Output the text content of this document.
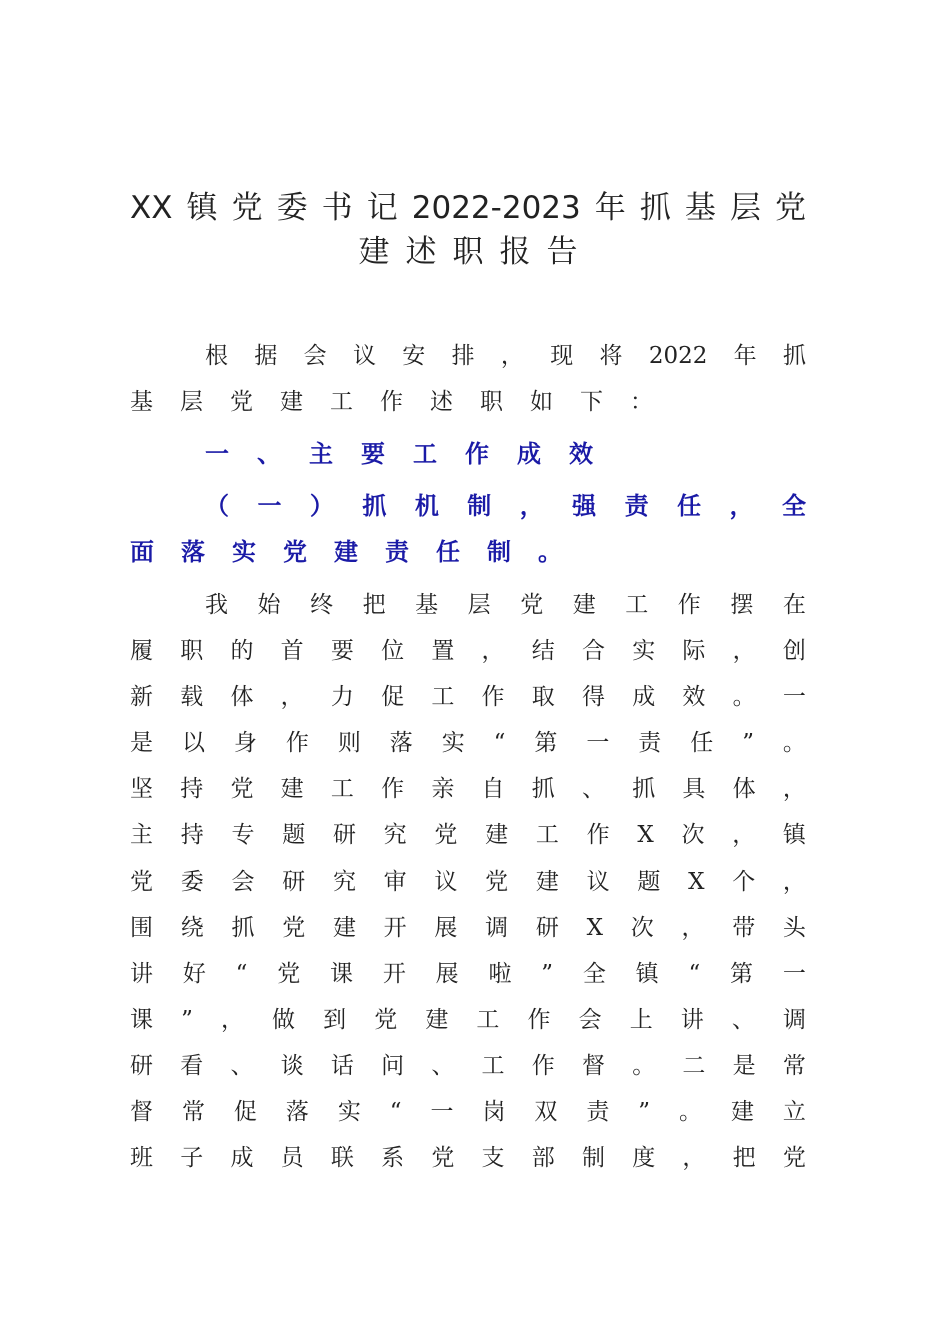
XX 镇 党 委 书 记 2022-2023 年 抓 基 层 党
建 述 职 报 告
根 据 会 议 安 排 ， 现 将 2022 年 抓
基 层 党 建 工 作 述 职 如 下 ：
一 、 主 要 工 作 成 效
（ 一 ） 抓 机 制 ， 强 责 任 ， 全
面 落 实 党 建 责 任 制 。
我 始 终 把 基 层 党 建 工 作 摆 在
履 职 的 首 要 位 置 ， 结 合 实 际 ， 创
新 载 体 ， 力 促 工 作 取 得 成 效 。 一
是 以 身 作 则 落 实 “ 第 一 责 任 ” 。
坚 持 党 建 工 作 亲 自 抓 、 抓 具 体 ，
主 持 专 题 研 究 党 建 工 作 X 次 ， 镇
党 委 会 研 究 审 议 党 建 议 题 X 个 ，
围 绕 抓 党 建 开 展 调 研 X 次 ， 带 头
讲 好 “ 党 课 开 展 啦 ” 全 镇 “ 第 一
课 ” ， 做 到 党 建 工 作 会 上 讲 、 调
研 看 、 谈 话 问 、 工 作 督 。 二 是 常
督 常 促 落 实 “ 一 岗 双 责 ” 。 建 立
班 子 成 员 联 系 党 支 部 制 度 ， 把 党
